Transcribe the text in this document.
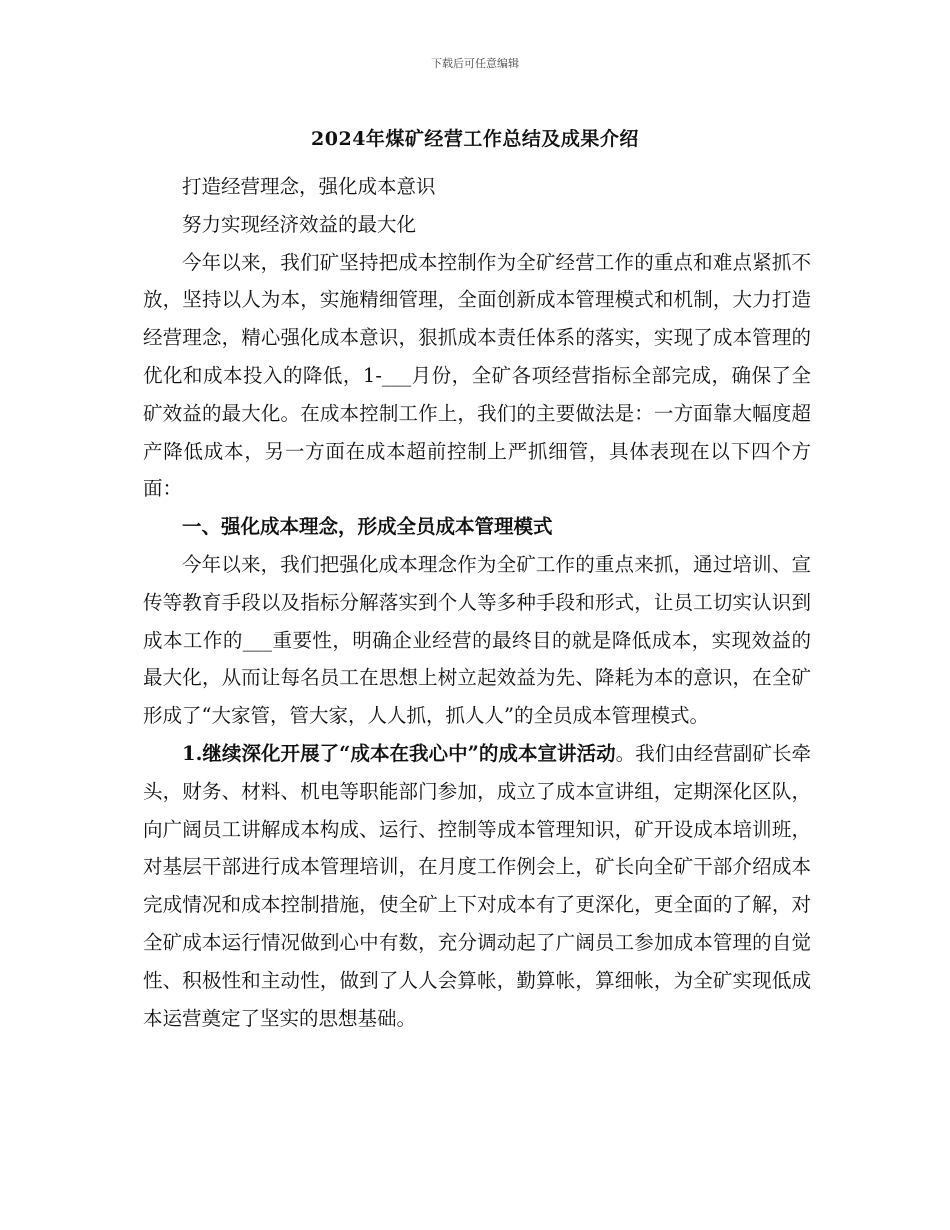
下载后可任意编辑
2024年煤矿经营工作总结及成果介绍

打造经营理念，强化成本意识

努力实现经济效益的最大化

今年以来，我们矿坚持把成本控制作为全矿经营工作的重点和难点紧抓不放，坚持以人为本，实施精细管理，全面创新成本管理模式和机制，大力打造经营理念，精心强化成本意识，狠抓成本责任体系的落实，实现了成本管理的优化和成本投入的降低，1-___月份，全矿各项经营指标全部完成，确保了全矿效益的最大化。在成本控制工作上，我们的主要做法是：一方面靠大幅度超产降低成本，另一方面在成本超前控制上严抓细管，具体表现在以下四个方面：

一、强化成本理念，形成全员成本管理模式

今年以来，我们把强化成本理念作为全矿工作的重点来抓，通过培训、宣传等教育手段以及指标分解落实到个人等多种手段和形式，让员工切实认识到成本工作的___重要性，明确企业经营的最终目的就是降低成本，实现效益的最大化，从而让每名员工在思想上树立起效益为先、降耗为本的意识，在全矿形成了“大家管，管大家，人人抓，抓人人”的全员成本管理模式。

1.继续深化开展了“成本在我心中”的成本宣讲活动。我们由经营副矿长牵头，财务、材料、机电等职能部门参加，成立了成本宣讲组，定期深化区队，向广阔员工讲解成本构成、运行、控制等成本管理知识，矿开设成本培训班，对基层干部进行成本管理培训，在月度工作例会上，矿长向全矿干部介绍成本完成情况和成本控制措施，使全矿上下对成本有了更深化，更全面的了解，对全矿成本运行情况做到心中有数，充分调动起了广阔员工参加成本管理的自觉性、积极性和主动性，做到了人人会算帐，勤算帐，算细帐，为全矿实现低成本运营奠定了坚实的思想基础。
